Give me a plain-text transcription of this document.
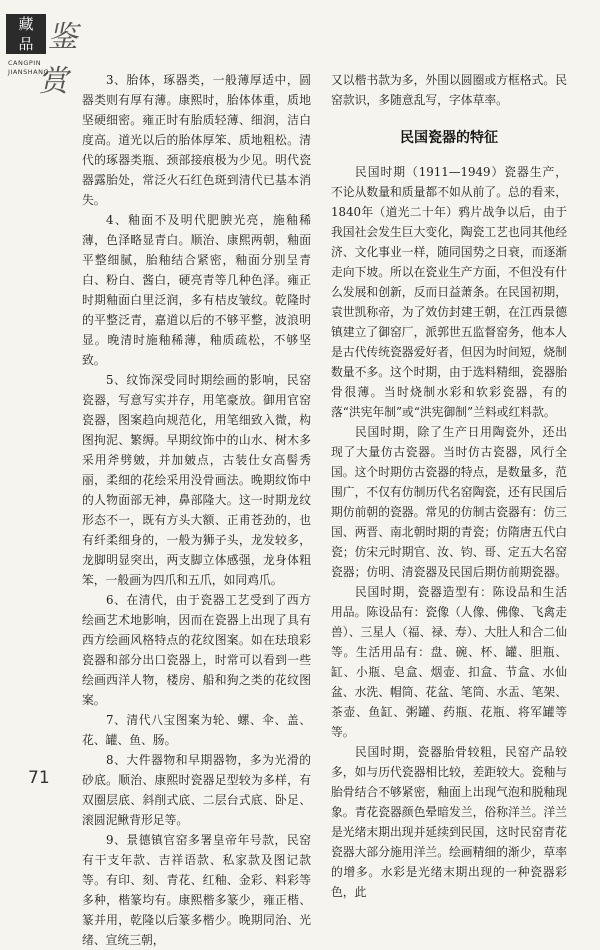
藏
品 鉴赏
CANGPIN
JIANSHANG

3、胎体，琢器类，一般薄厚适中，圆器类则有厚有薄。康熙时，胎体体重，质地坚硬细密。雍正时有胎质轻薄、细润，洁白度高。道光以后的胎体厚笨、质地粗松。清代的琢器类瓶、颈部接痕极为少见。明代瓷器露胎处，常泛火石红色斑到清代已基本消失。

4、釉面不及明代肥腴光亮，施釉稀薄，色泽略显青白。顺治、康熙两朝，釉面平整细腻，胎釉结合紧密，釉面分别呈青白、粉白、酱白，硬亮青等几种色泽。雍正时期釉面白里泛润，多有桔皮皱纹。乾隆时的平整泛青，嘉道以后的不够平整，波浪明显。晚清时施釉稀薄，釉质疏松，不够坚致。

5、纹饰深受同时期绘画的影响，民窑瓷器，写意写实并存，用笔豪放。御用官窑瓷器，图案趋向规范化，用笔细致入微，构图拘泥、繁缛。早期纹饰中的山水、树木多采用斧劈皴，并加皴点，古装仕女高髻秀丽，柔细的花绘采用没骨画法。晚期纹饰中的人物面部无神，鼻部隆大。这一时期龙纹形态不一，既有方头大额、正甫苍劲的，也有纤柔细身的，一般为狮子头，龙发较多，龙脚明显突出，两支脚立体感强，龙身体粗笨，一般画为四爪和五爪，如同鸡爪。

6、在清代，由于瓷器工艺受到了西方绘画艺术地影响，因而在瓷器上出现了具有西方绘画风格特点的花纹图案。如在珐琅彩瓷器和部分出口瓷器上，时常可以看到一些绘画西洋人物，楼房、船和狗之类的花纹图案。

7、清代八宝图案为轮、螺、伞、盖、花、罐、鱼、肠。

8、大件器物和早期器物，多为光滑的砂底。顺治、康熙时瓷器足型较为多样，有双圈层底、斜削式底、二层台式底、卧足、滚圆泥鳅背形足等。

9、景德镇官窑多署皇帝年号款，民窑有干支年款、吉祥语款、私家款及图记款等。有印、刻、青花、红釉、金彩、料彩等多种，楷篆均有。康熙楷多篆少，雍正楷、篆并用，乾隆以后篆多楷少。晚期同治、光绪、宣统三朝，

又以楷书款为多，外围以圆圈或方框格式。民窑款识，多随意乱写，字体草率。

民国瓷器的特征

民国时期（1911—1949）瓷器生产，不论从数量和质量都不如从前了。总的看来，1840年（道光二十年）鸦片战争以后，由于我国社会发生巨大变化，陶瓷工艺也同其他经济、文化事业一样，随同国势之日衰，而逐渐走向下坡。所以在瓷业生产方面，不但没有什么发展和创新，反而日益萧条。在民国初期，袁世凯称帝，为了效仿封建王朝，在江西景德镇建立了御窑厂，派郭世五监督窑务，他本人是古代传统瓷器爱好者，但因为时间短，烧制数量不多。这个时期，由于选料精细，瓷器胎骨很薄。当时烧制水彩和软彩瓷器，有的落“洪宪年制”或“洪宪御制”兰料或红料款。

民国时期，除了生产日用陶瓷外，还出现了大量仿古瓷器。当时仿古瓷器，风行全国。这个时期仿古瓷器的特点，是数量多，范围广，不仅有仿制历代名窑陶瓷，还有民国后期仿前朝的瓷器。常见的仿制古瓷器有：仿三国、两晋、南北朝时期的青瓷；仿隋唐五代白瓷；仿宋元时期官、汝、钧、哥、定五大名窑瓷器；仿明、清瓷器及民国后期仿前期瓷器。

民国时期，瓷器造型有：陈设品和生活用品。陈设品有：瓷像（人像、佛像、飞禽走兽）、三星人（福、禄、寿）、大肚人和合二仙等。生活用品有：盘、碗、杯、罐、胆瓶、缸、小瓶、皂盒、烟壶、扣盒、节盒、水仙盆、水洗、帽筒、花盆、笔筒、水盂、笔架、茶壶、鱼缸、粥罐、药瓶、花瓶、将军罐等等。

民国时期，瓷器胎骨较粗，民窑产品较多，如与历代瓷器相比较，差距较大。瓷釉与胎骨结合不够紧密，釉面上出现气泡和脱釉现象。青花瓷器颜色晕暗发兰，俗称洋兰。洋兰是光绪末期出现并延续到民国，这时民窑青花瓷器大部分施用洋兰。绘画精细的渐少，草率的增多。水彩是光绪末期出现的一种瓷器彩色，此

71
